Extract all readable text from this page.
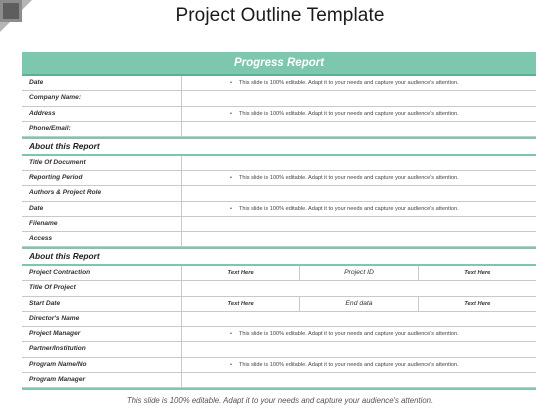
Project Outline Template
Progress Report
Date	• This slide is 100% editable. Adapt it to your needs and capture your audience's attention.
Company Name:
Address	• This slide is 100% editable. Adapt it to your needs and capture your audience's attention.
Phone/Email:
About this Report
Title Of Document
Reporting Period	• This slide is 100% editable. Adapt it to your needs and capture your audience's attention.
Authors & Project Role
Date	• This slide is 100% editable. Adapt it to your needs and capture your audience's attention.
Filename
Access
About this Report
Project Contraction	Text Here	Project ID	Text Here
Title Of Project
Start Date	Text Here	End data	Text Here
Director's Name
Project Manager	• This slide is 100% editable. Adapt it to your needs and capture your audience's attention.
Partner/Institution
Program Name/No	• This slide is 100% editable. Adapt it to your needs and capture your audience's attention.
Program Manager
This slide is 100% editable. Adapt it to your needs and capture your audience's attention.
